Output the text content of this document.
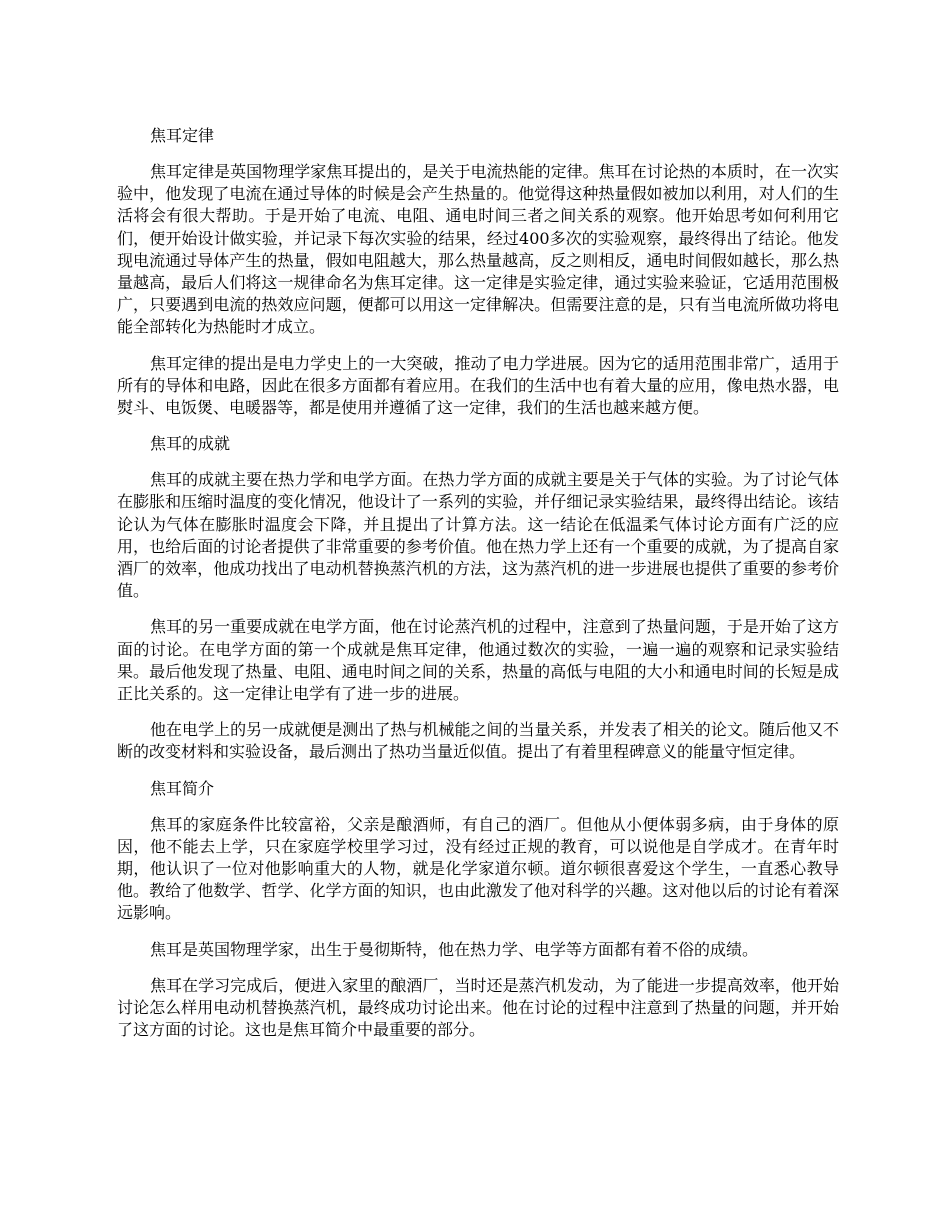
焦耳定律

焦耳定律是英国物理学家焦耳提出的，是关于电流热能的定律。焦耳在讨论热的本质时，在一次实验中，他发现了电流在通过导体的时候是会产生热量的。他觉得这种热量假如被加以利用，对人们的生活将会有很大帮助。于是开始了电流、电阻、通电时间三者之间关系的观察。他开始思考如何利用它们，便开始设计做实验，并记录下每次实验的结果，经过400多次的实验观察，最终得出了结论。他发现电流通过导体产生的热量，假如电阻越大，那么热量越高，反之则相反，通电时间假如越长，那么热量越高，最后人们将这一规律命名为焦耳定律。这一定律是实验定律，通过实验来验证，它适用范围极广，只要遇到电流的热效应问题，便都可以用这一定律解决。但需要注意的是，只有当电流所做功将电能全部转化为热能时才成立。

焦耳定律的提出是电力学史上的一大突破，推动了电力学进展。因为它的适用范围非常广，适用于所有的导体和电路，因此在很多方面都有着应用。在我们的生活中也有着大量的应用，像电热水器，电熨斗、电饭煲、电暖器等，都是使用并遵循了这一定律，我们的生活也越来越方便。

焦耳的成就

焦耳的成就主要在热力学和电学方面。在热力学方面的成就主要是关于气体的实验。为了讨论气体在膨胀和压缩时温度的变化情况，他设计了一系列的实验，并仔细记录实验结果，最终得出结论。该结论认为气体在膨胀时温度会下降，并且提出了计算方法。这一结论在低温柔气体讨论方面有广泛的应用，也给后面的讨论者提供了非常重要的参考价值。他在热力学上还有一个重要的成就，为了提高自家酒厂的效率，他成功找出了电动机替换蒸汽机的方法，这为蒸汽机的进一步进展也提供了重要的参考价值。

焦耳的另一重要成就在电学方面，他在讨论蒸汽机的过程中，注意到了热量问题，于是开始了这方面的讨论。在电学方面的第一个成就是焦耳定律，他通过数次的实验，一遍一遍的观察和记录实验结果。最后他发现了热量、电阻、通电时间之间的关系，热量的高低与电阻的大小和通电时间的长短是成正比关系的。这一定律让电学有了进一步的进展。

他在电学上的另一成就便是测出了热与机械能之间的当量关系，并发表了相关的论文。随后他又不断的改变材料和实验设备，最后测出了热功当量近似值。提出了有着里程碑意义的能量守恒定律。

焦耳简介

焦耳的家庭条件比较富裕，父亲是酿酒师，有自己的酒厂。但他从小便体弱多病，由于身体的原因，他不能去上学，只在家庭学校里学习过，没有经过正规的教育，可以说他是自学成才。在青年时期，他认识了一位对他影响重大的人物，就是化学家道尔顿。道尔顿很喜爱这个学生，一直悉心教导他。教给了他数学、哲学、化学方面的知识，也由此激发了他对科学的兴趣。这对他以后的讨论有着深远影响。

焦耳是英国物理学家，出生于曼彻斯特，他在热力学、电学等方面都有着不俗的成绩。

焦耳在学习完成后，便进入家里的酿酒厂，当时还是蒸汽机发动，为了能进一步提高效率，他开始讨论怎么样用电动机替换蒸汽机，最终成功讨论出来。他在讨论的过程中注意到了热量的问题，并开始了这方面的讨论。这也是焦耳简介中最重要的部分。
